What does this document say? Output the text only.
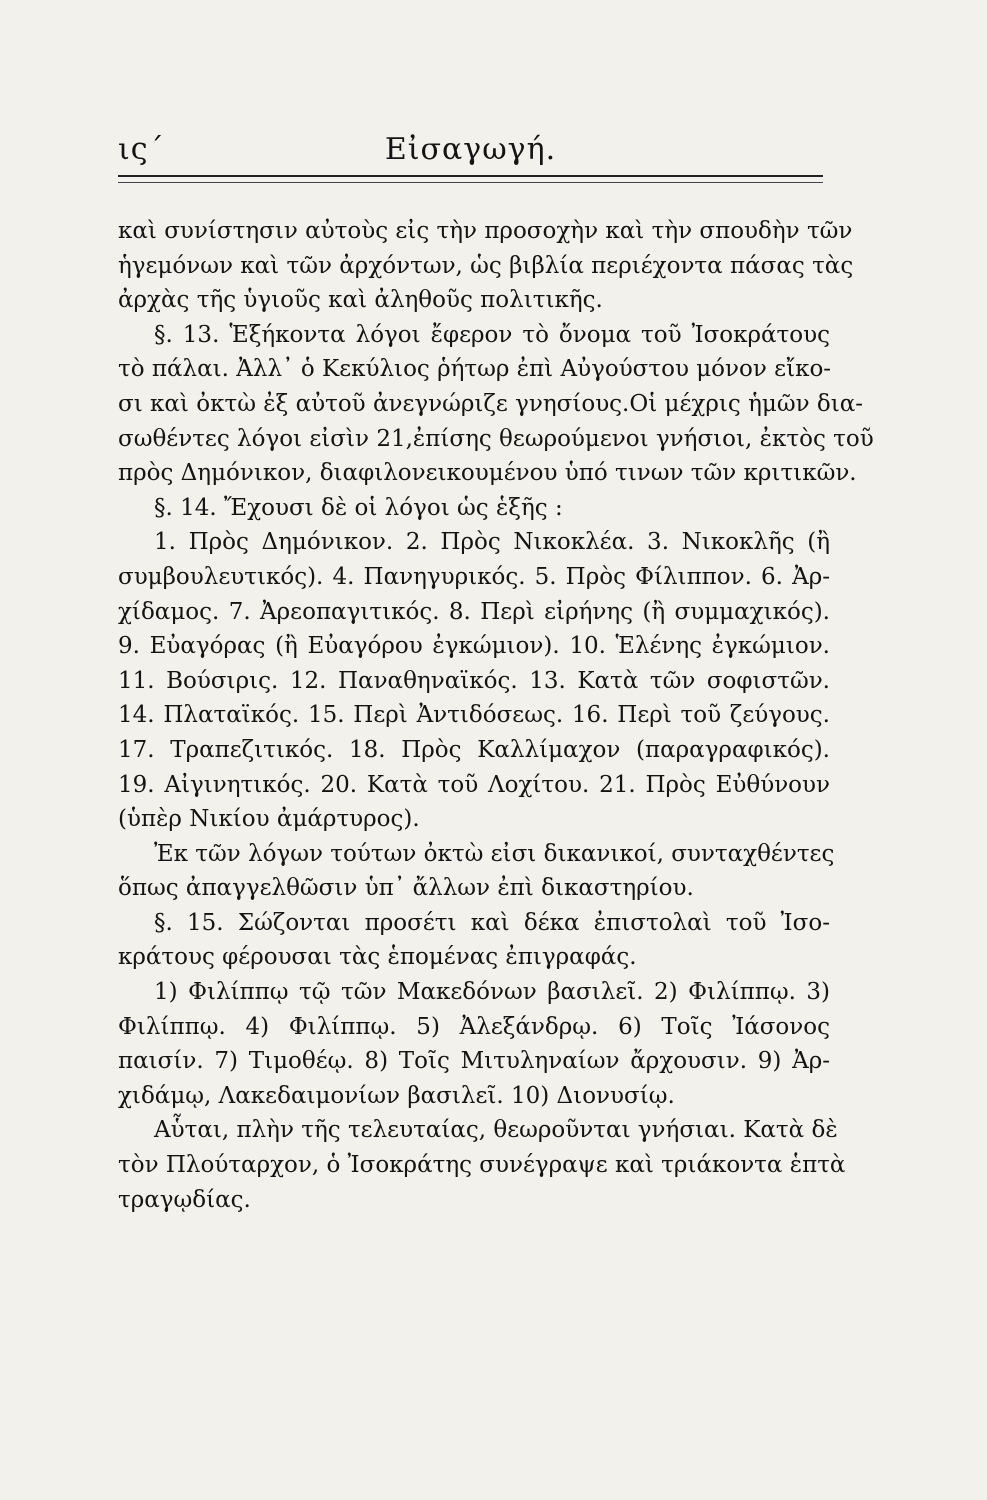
ις΄	Εἰσαγωγή.
καὶ συνίστησιν αὐτοὺς εἰς τὴν προσοχὴν καὶ τὴν σπουδὴν τῶν
ἡγεμόνων καὶ τῶν ἀρχόντων, ὡς βιβλία περιέχοντα πάσας τὰς
ἀρχὰς τῆς ὑγιοῦς καὶ ἀληθοῦς πολιτικῆς.
§. 13. Ἑξήκοντα λόγοι ἔφερον τὸ ὄνομα τοῦ Ἰσοκράτους
τὸ πάλαι. Ἀλλ᾽ ὁ Κεκύλιος ῥήτωρ ἐπὶ Αὐγούστου μόνον εἴκο-
σι καὶ ὀκτὼ ἐξ αὐτοῦ ἀνεγνώριζε γνησίους.Οἱ μέχρις ἡμῶν δια-
σωθέντες λόγοι εἰσὶν 21,ἐπίσης θεωρούμενοι γνήσιοι, ἐκτὸς τοῦ
πρὸς Δημόνικον, διαφιλονεικουμένου ὑπό τινων τῶν κριτικῶν.
§. 14. Ἔχουσι δὲ οἱ λόγοι ὡς ἑξῆς :
1. Πρὸς Δημόνικον. 2. Πρὸς Νικοκλέα. 3. Νικοκλῆς (ἢ
συμβουλευτικός). 4. Πανηγυρικός. 5. Πρὸς Φίλιππον. 6. Ἀρ-
χίδαμος. 7. Ἀρεοπαγιτικός. 8. Περὶ εἰρήνης (ἢ συμμαχικός).
9. Εὐαγόρας (ἢ Εὐαγόρου ἐγκώμιον). 10. Ἑλένης ἐγκώμιον.
11. Βούσιρις. 12. Παναθηναϊκός. 13. Κατὰ τῶν σοφιστῶν.
14. Πλαταϊκός. 15. Περὶ Ἀντιδόσεως. 16. Περὶ τοῦ ζεύγους.
17. Τραπεζιτικός. 18. Πρὸς Καλλίμαχον (παραγραφικός).
19. Αἰγινητικός. 20. Κατὰ τοῦ Λοχίτου. 21. Πρὸς Εὐθύνουν
(ὑπὲρ Νικίου ἀμάρτυρος).
Ἐκ τῶν λόγων τούτων ὀκτὼ εἰσι δικανικοί, συνταχθέντες
ὅπως ἀπαγγελθῶσιν ὑπ᾽ ἄλλων ἐπὶ δικαστηρίου.
§. 15. Σώζονται προσέτι καὶ δέκα ἐπιστολαὶ τοῦ Ἰσο-
κράτους φέρουσαι τὰς ἑπομένας ἐπιγραφάς.
1) Φιλίππῳ τῷ τῶν Μακεδόνων βασιλεῖ. 2) Φιλίππῳ. 3)
Φιλίππῳ. 4) Φιλίππῳ. 5) Ἀλεξάνδρῳ. 6) Τοῖς Ἰάσονος
παισίν. 7) Τιμοθέῳ. 8) Τοῖς Μιτυληναίων ἄρχουσιν. 9) Ἀρ-
χιδάμῳ, Λακεδαιμονίων βασιλεῖ. 10) Διονυσίῳ.
Αὗται, πλὴν τῆς τελευταίας, θεωροῦνται γνήσιαι. Κατὰ δὲ
τὸν Πλούταρχον, ὁ Ἰσοκράτης συνέγραψε καὶ τριάκοντα ἑπτὰ
τραγῳδίας.
